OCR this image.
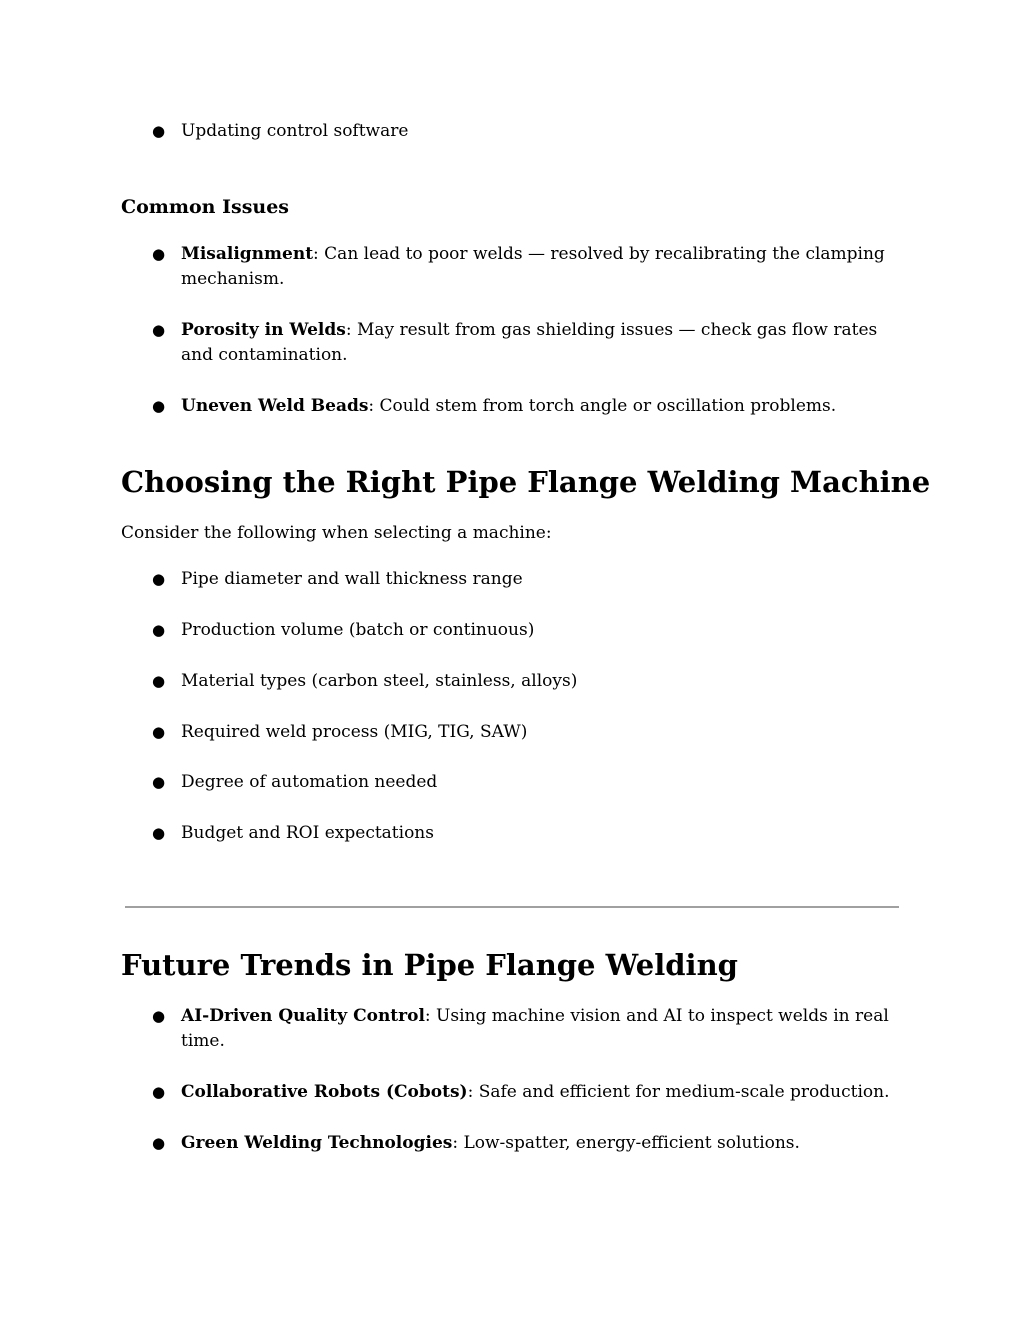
● Updating control software
Common Issues
● Misalignment: Can lead to poor welds — resolved by recalibrating the clamping mechanism.
● Porosity in Welds: May result from gas shielding issues — check gas flow rates and contamination.
● Uneven Weld Beads: Could stem from torch angle or oscillation problems.
Choosing the Right Pipe Flange Welding Machine

Consider the following when selecting a machine:

● Pipe diameter and wall thickness range
● Production volume (batch or continuous)
● Material types (carbon steel, stainless, alloys)
● Required weld process (MIG, TIG, SAW)
● Degree of automation needed
● Budget and ROI expectations
Future Trends in Pipe Flange Welding
● AI-Driven Quality Control: Using machine vision and AI to inspect welds in real time.
● Collaborative Robots (Cobots): Safe and efficient for medium-scale production.
● Green Welding Technologies: Low-spatter, energy-efficient solutions.
